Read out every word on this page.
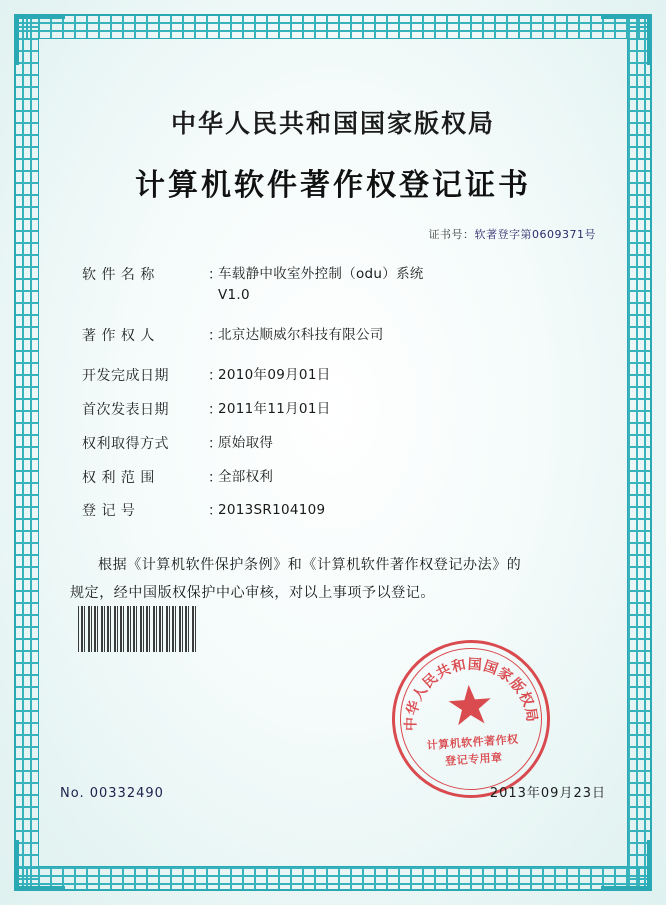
中华人民共和国国家版权局
计算机软件著作权登记证书
证书号：软著登字第0609371号
软 件 名 称	：
车载静中收室外控制（odu）系统
V1.0
著 作 权 人	：
北京达顺威尔科技有限公司
开发完成日期	：
2010年09月01日
首次发表日期	：
2011年11月01日
权利取得方式	：
原始取得
权 利 范 围	：
全部权利
登 记 号	：
2013SR104109
根据《计算机软件保护条例》和《计算机软件著作权登记办法》的
规定，经中国版权保护中心审核，对以上事项予以登记。
中华人民共和国国家版权局
计算机软件著作权
登记专用章
No. 00332490	2013年09月23日
